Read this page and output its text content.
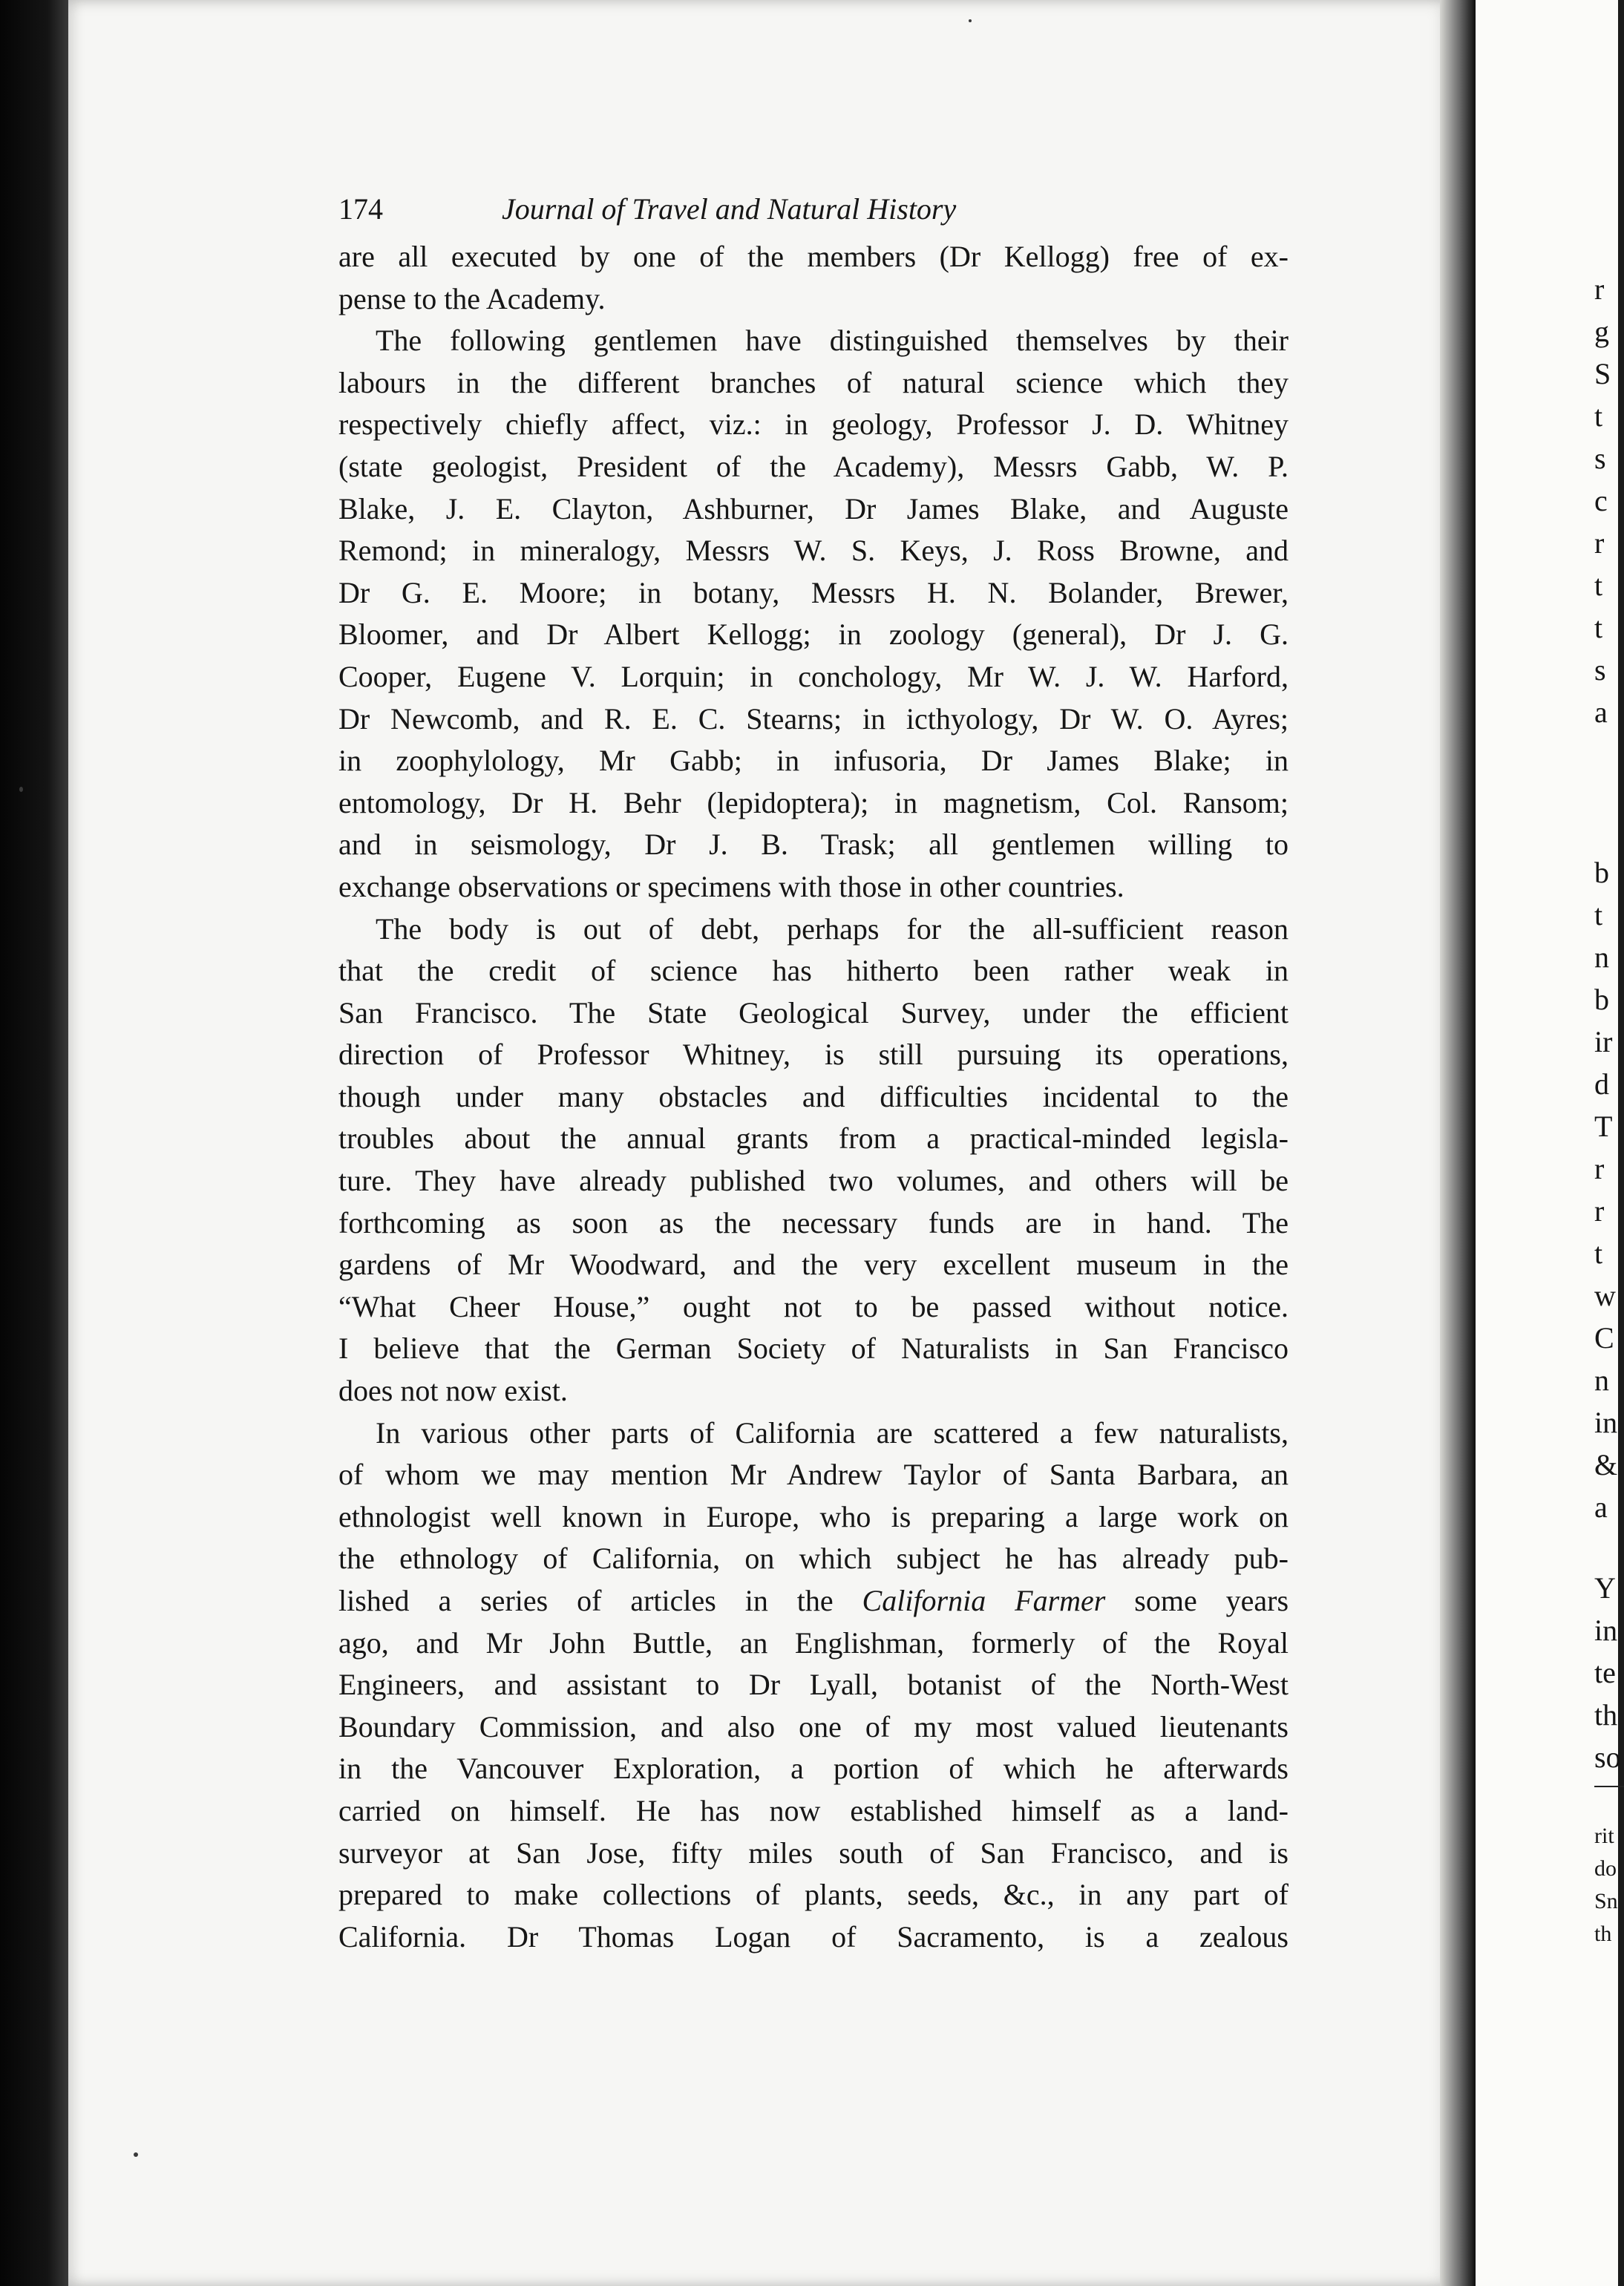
174	Journal of Travel and Natural History
are all executed by one of the members (Dr Kellogg) free of ex-
pense to the Academy.
The following gentlemen have distinguished themselves by their
labours in the different branches of natural science which they
respectively chiefly affect, viz.: in geology, Professor J. D. Whitney
(state geologist, President of the Academy), Messrs Gabb, W. P.
Blake, J. E. Clayton, Ashburner, Dr James Blake, and Auguste
Remond; in mineralogy, Messrs W. S. Keys, J. Ross Browne, and
Dr G. E. Moore; in botany, Messrs H. N. Bolander, Brewer,
Bloomer, and Dr Albert Kellogg; in zoology (general), Dr J. G.
Cooper, Eugene V. Lorquin; in conchology, Mr W. J. W. Harford,
Dr Newcomb, and R. E. C. Stearns; in icthyology, Dr W. O. Ayres;
in zoophylology, Mr Gabb; in infusoria, Dr James Blake; in
entomology, Dr H. Behr (lepidoptera); in magnetism, Col. Ransom;
and in seismology, Dr J. B. Trask; all gentlemen willing to
exchange observations or specimens with those in other countries.
The body is out of debt, perhaps for the all-sufficient reason
that the credit of science has hitherto been rather weak in
San Francisco. The State Geological Survey, under the efficient
direction of Professor Whitney, is still pursuing its operations,
though under many obstacles and difficulties incidental to the
troubles about the annual grants from a practical-minded legisla-
ture. They have already published two volumes, and others will be
forthcoming as soon as the necessary funds are in hand. The
gardens of Mr Woodward, and the very excellent museum in the
“What Cheer House,” ought not to be passed without notice.
I believe that the German Society of Naturalists in San Francisco
does not now exist.
In various other parts of California are scattered a few naturalists,
of whom we may mention Mr Andrew Taylor of Santa Barbara, an
ethnologist well known in Europe, who is preparing a large work on
the ethnology of California, on which subject he has already pub-
lished a series of articles in the California Farmer some years
ago, and Mr John Buttle, an Englishman, formerly of the Royal
Engineers, and assistant to Dr Lyall, botanist of the North-West
Boundary Commission, and also one of my most valued lieutenants
in the Vancouver Exploration, a portion of which he afterwards
carried on himself. He has now established himself as a land-
surveyor at San Jose, fifty miles south of San Francisco, and is
prepared to make collections of plants, seeds, &c., in any part of
California. Dr Thomas Logan of Sacramento, is a zealous
r
g
S
t
s
c
r
t
t
s
a
b
t
n
b
ir
d
T
r
r
t
w
C
n
in
&
a
Y
in
te
th
so
rit
do
Sn
th
